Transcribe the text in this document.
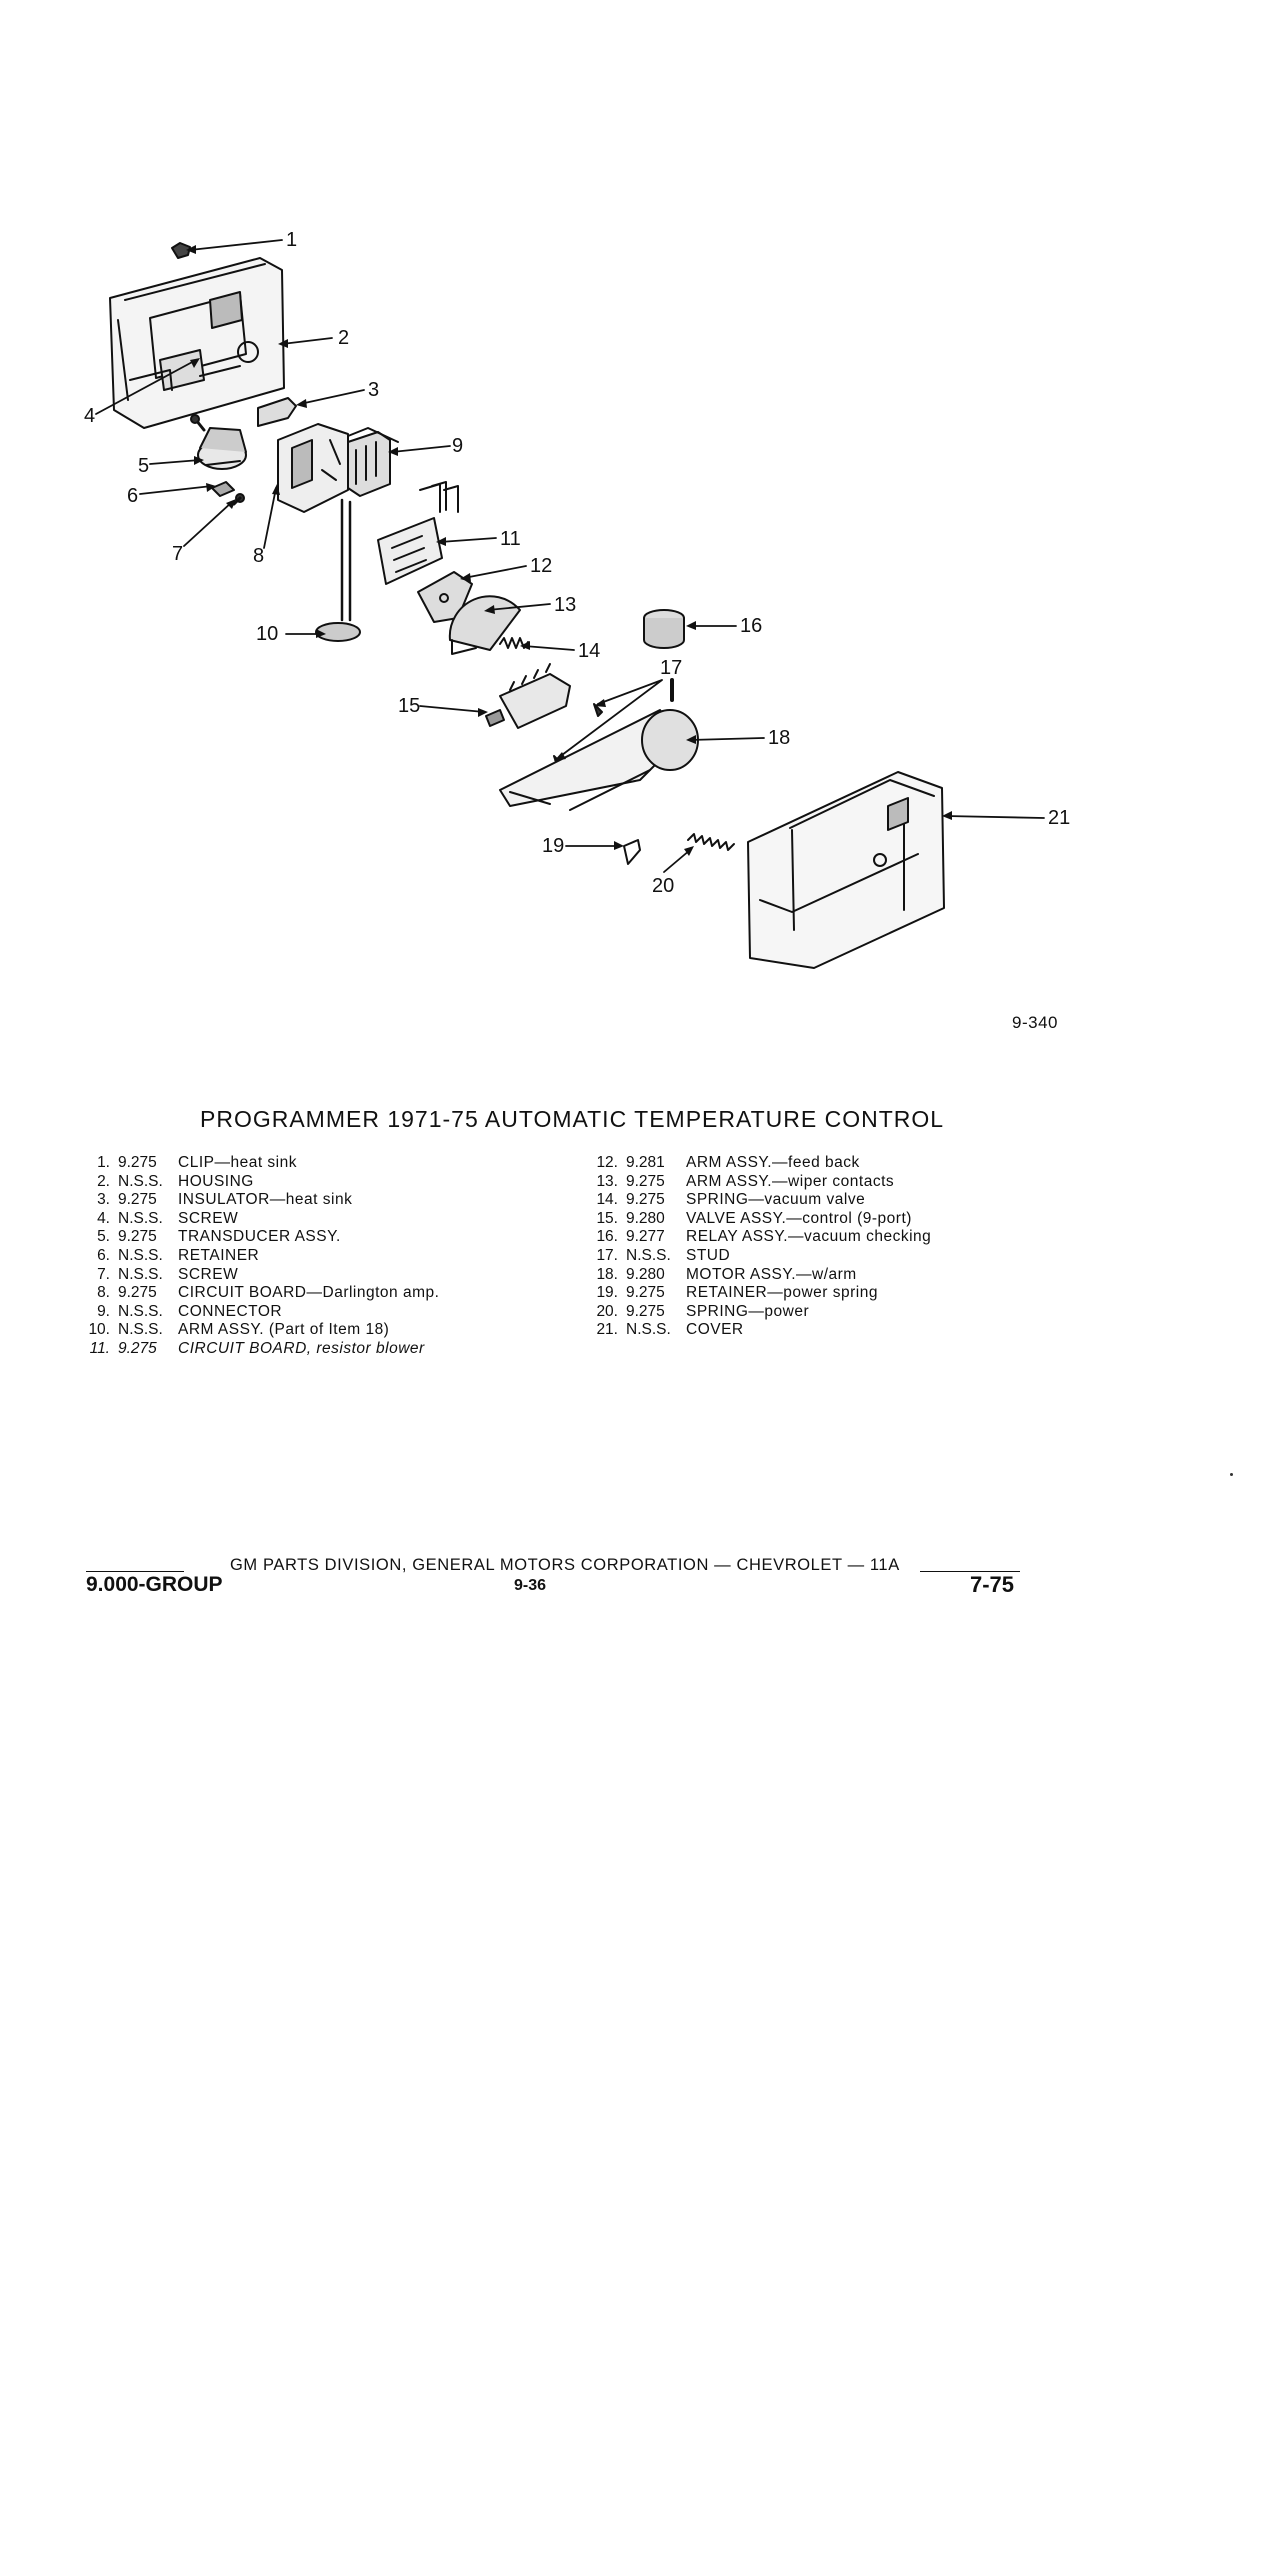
1
2
3
4
5
6
7	8
9
10
11
12
13
14
15
16
17
18
19
20
21
9-340
PROGRAMMER 1971-75 AUTOMATIC TEMPERATURE CONTROL
1. 9.275	CLIP—heat sink
2. N.S.S. HOUSING
3. 9.275	INSULATOR—heat sink
4. N.S.S. SCREW
5. 9.275	TRANSDUCER ASSY.
6. N.S.S. RETAINER
7. N.S.S. SCREW
8. 9.275	CIRCUIT BOARD—Darlington amp.
9. N.S.S. CONNECTOR
10. N.S.S. ARM ASSY. (Part of Item 18)
11. 9.275	CIRCUIT BOARD, resistor blower
12. 9.281	ARM ASSY.—feed back
13. 9.275	ARM ASSY.—wiper contacts
14. 9.275	SPRING—vacuum valve
15. 9.280	VALVE ASSY.—control (9-port)
16. 9.277	RELAY ASSY.—vacuum checking
17. N.S.S. STUD
18. 9.280	MOTOR ASSY.—w/arm
19. 9.275	RETAINER—power spring
20. 9.275	SPRING—power
21. N.S.S. COVER
GM PARTS DIVISION, GENERAL MOTORS CORPORATION — CHEVROLET — 11A
9.000-GROUP	9-36	7-75
